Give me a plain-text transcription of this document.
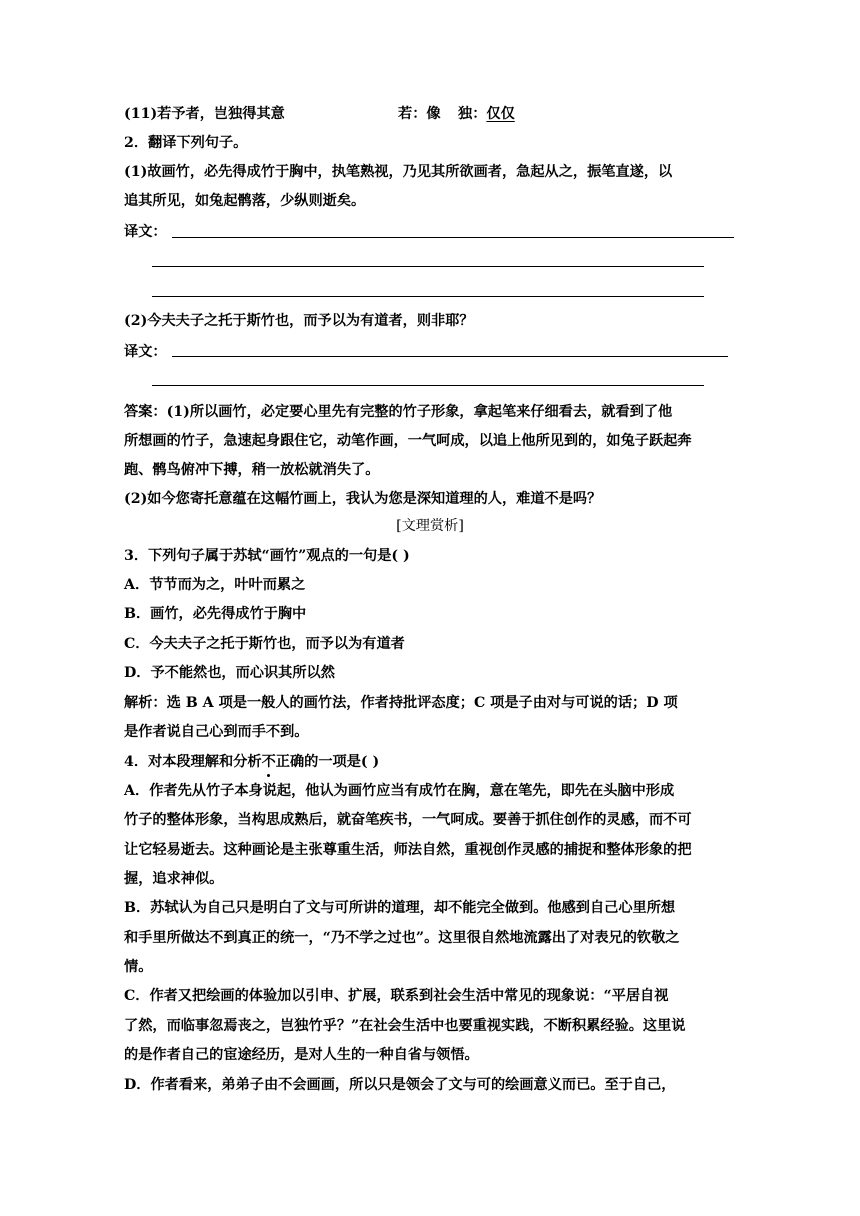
(11)若予者，岂独得其意	若：像 独：仅仅
2．翻译下列句子。
(1)故画竹，必先得成竹于胸中，执笔熟视，乃见其所欲画者，急起从之，振笔直遂，以
追其所见，如兔起鹘落，少纵则逝矣。
译文：
(2)今夫夫子之托于斯竹也，而予以为有道者，则非耶？
译文：
答案：(1)所以画竹，必定要心里先有完整的竹子形象，拿起笔来仔细看去，就看到了他
所想画的竹子，急速起身跟住它，动笔作画，一气呵成，以追上他所见到的，如兔子跃起奔
跑、鹘鸟俯冲下搏，稍一放松就消失了。
(2)如今您寄托意蕴在这幅竹画上，我认为您是深知道理的人，难道不是吗？
[文理赏析]
3．下列句子属于苏轼“画竹”观点的一句是( )
A．节节而为之，叶叶而累之
B．画竹，必先得成竹于胸中
C．今夫夫子之托于斯竹也，而予以为有道者
D．予不能然也，而心识其所以然
解析：选 B A 项是一般人的画竹法，作者持批评态度；C 项是子由对与可说的话；D 项
是作者说自己心到而手不到。
4．对本段理解和分析不正确的一项是( )
A．作者先从竹子本身说起，他认为画竹应当有成竹在胸，意在笔先，即先在头脑中形成
竹子的整体形象，当构思成熟后，就奋笔疾书，一气呵成。要善于抓住创作的灵感，而不可
让它轻易逝去。这种画论是主张尊重生活，师法自然，重视创作灵感的捕捉和整体形象的把
握，追求神似。
B．苏轼认为自己只是明白了文与可所讲的道理，却不能完全做到。他感到自己心里所想
和手里所做达不到真正的统一，“乃不学之过也”。这里很自然地流露出了对表兄的钦敬之
情。
C．作者又把绘画的体验加以引申、扩展，联系到社会生活中常见的现象说：“平居自视
了然，而临事忽焉丧之，岂独竹乎？”在社会生活中也要重视实践，不断积累经验。这里说
的是作者自己的宦途经历，是对人生的一种自省与领悟。
D．作者看来，弟弟子由不会画画，所以只是领会了文与可的绘画意义而已。至于自己，
